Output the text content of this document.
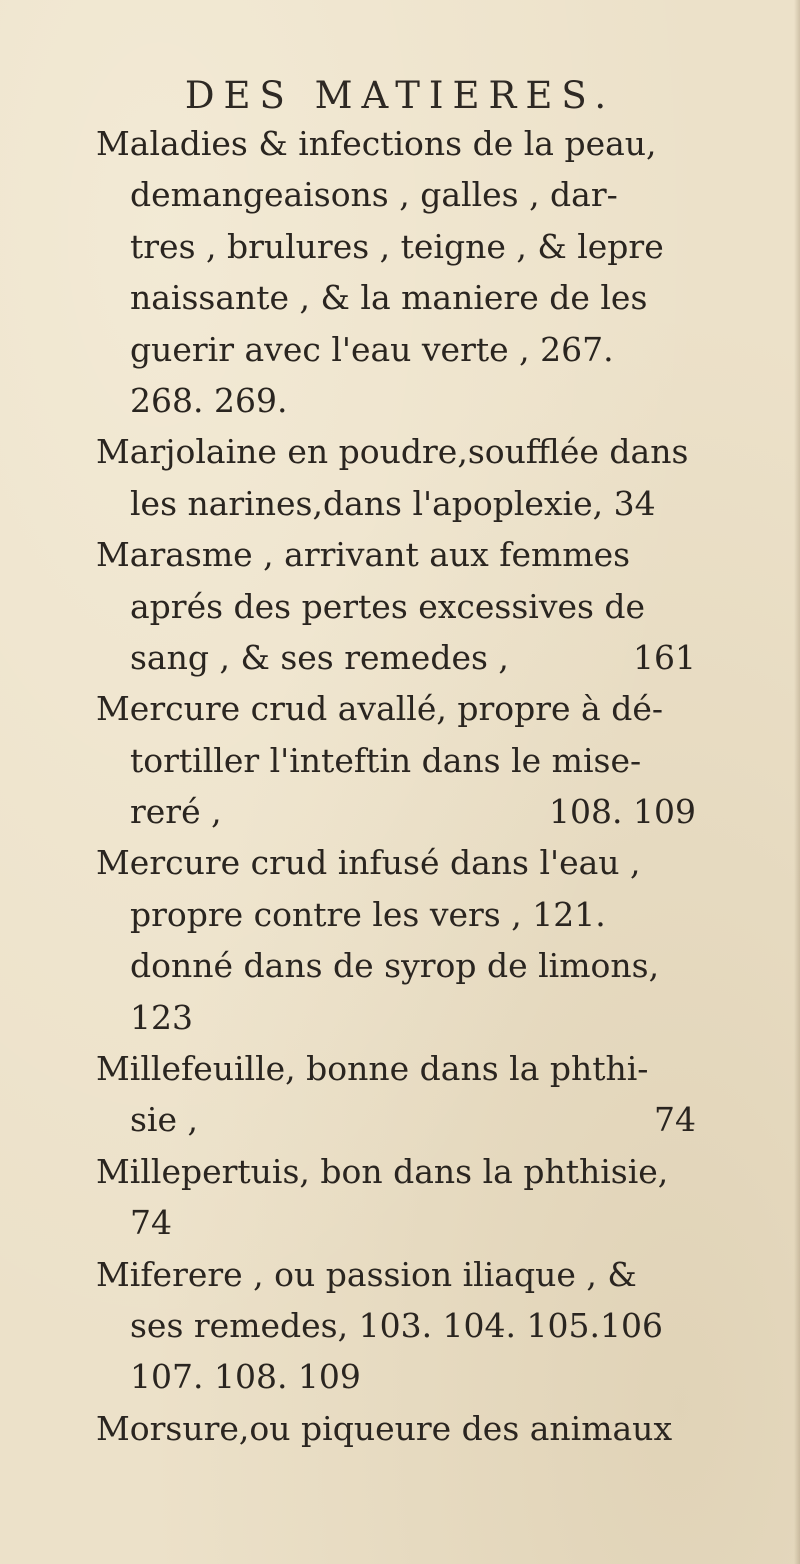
DES MATIERES.
Maladies & infections de la peau,
demangeaisons , galles , dar-
tres , brulures , teigne , & lepre
naissante , & la maniere de les
guerir avec l'eau verte , 267.
268. 269.
Marjolaine en poudre,soufflée dans
les narines,dans l'apoplexie, 34
Marasme , arrivant aux femmes
aprés des pertes excessives de
sang , & ses remedes ,	161
Mercure crud avallé, propre à dé-
tortiller l'inteftin dans le mise-
reré ,	108. 109
Mercure crud infusé dans l'eau ,
propre contre les vers , 121.
donné dans de syrop de limons,
123
Millefeuille, bonne dans la phthi-
sie ,	74
Millepertuis, bon dans la phthisie,
74
Miferere , ou passion iliaque , &
ses remedes, 103. 104. 105.106
107. 108. 109
Morsure,ou piqueure des animaux
